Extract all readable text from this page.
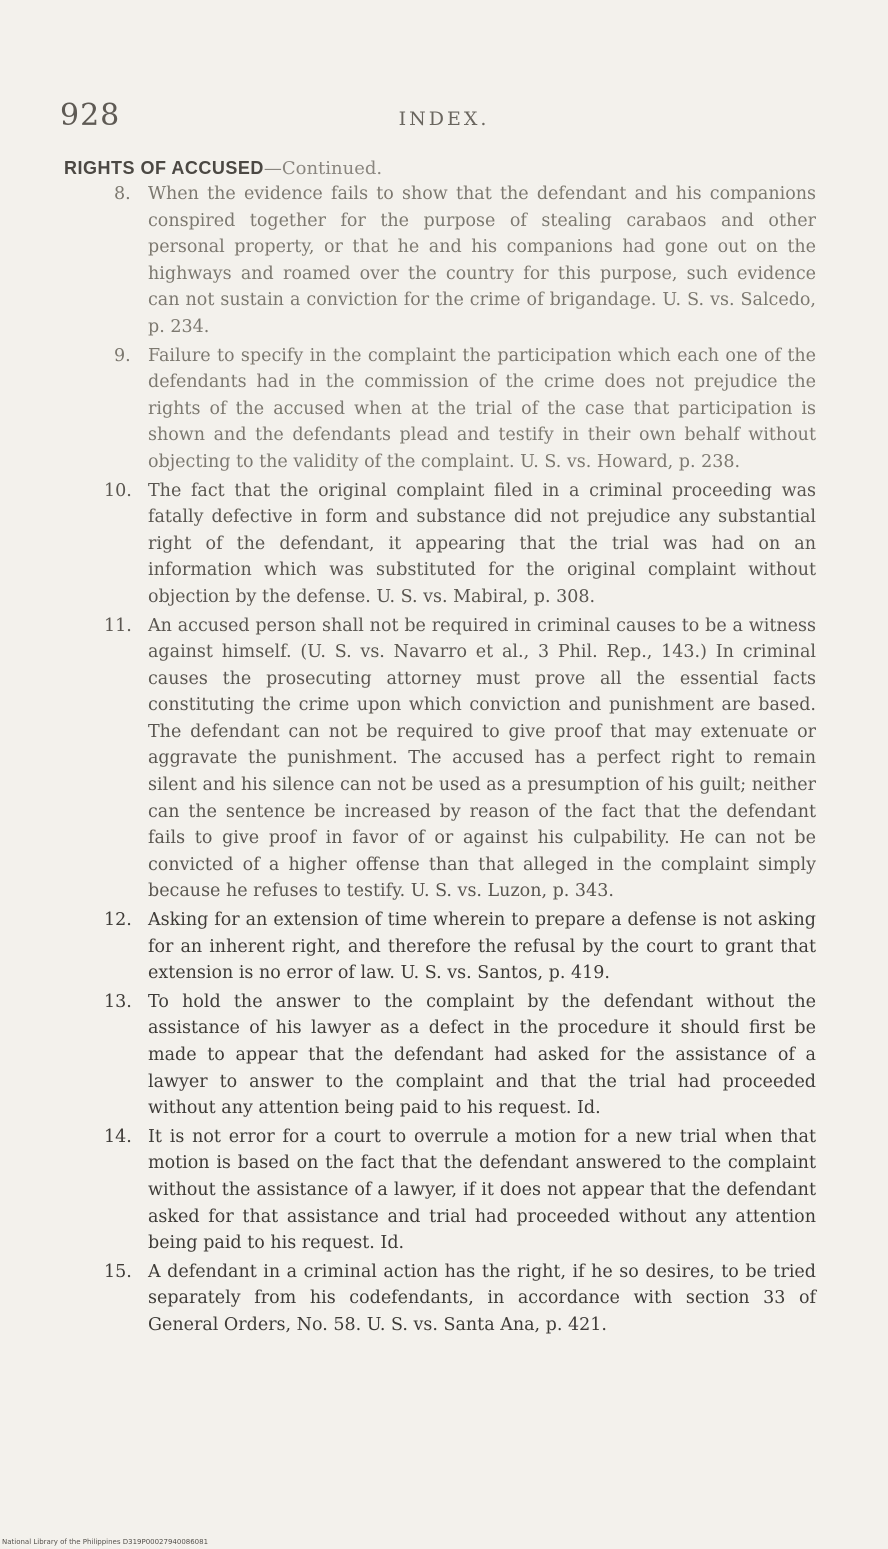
928	INDEX.
RIGHTS OF ACCUSED—Continued.
8. When the evidence fails to show that the defendant and his companions conspired together for the purpose of stealing carabaos and other personal property, or that he and his companions had gone out on the highways and roamed over the country for this purpose, such evidence can not sustain a conviction for the crime of brigandage. U. S. vs. Salcedo, p. 234.
9. Failure to specify in the complaint the participation which each one of the defendants had in the commission of the crime does not prejudice the rights of the accused when at the trial of the case that participation is shown and the defendants plead and testify in their own behalf without objecting to the validity of the complaint. U. S. vs. Howard, p. 238.
10. The fact that the original complaint filed in a criminal proceeding was fatally defective in form and substance did not prejudice any substantial right of the defendant, it appearing that the trial was had on an information which was substituted for the original complaint without objection by the defense. U. S. vs. Mabiral, p. 308.
11. An accused person shall not be required in criminal causes to be a witness against himself. (U. S. vs. Navarro et al., 3 Phil. Rep., 143.) In criminal causes the prosecuting attorney must prove all the essential facts constituting the crime upon which conviction and punishment are based. The defendant can not be required to give proof that may extenuate or aggravate the punishment. The accused has a perfect right to remain silent and his silence can not be used as a presumption of his guilt; neither can the sentence be increased by reason of the fact that the defendant fails to give proof in favor of or against his culpability. He can not be convicted of a higher offense than that alleged in the complaint simply because he refuses to testify. U. S. vs. Luzon, p. 343.
12. Asking for an extension of time wherein to prepare a defense is not asking for an inherent right, and therefore the refusal by the court to grant that extension is no error of law. U. S. vs. Santos, p. 419.
13. To hold the answer to the complaint by the defendant without the assistance of his lawyer as a defect in the procedure it should first be made to appear that the defendant had asked for the assistance of a lawyer to answer to the complaint and that the trial had proceeded without any attention being paid to his request. Id.
14. It is not error for a court to overrule a motion for a new trial when that motion is based on the fact that the defendant answered to the complaint without the assistance of a lawyer, if it does not appear that the defendant asked for that assistance and trial had proceeded without any attention being paid to his request. Id.
15. A defendant in a criminal action has the right, if he so desires, to be tried separately from his codefendants, in accordance with section 33 of General Orders, No. 58. U. S. vs. Santa Ana, p. 421.
National Library of the Philippines D319P00027940086081
